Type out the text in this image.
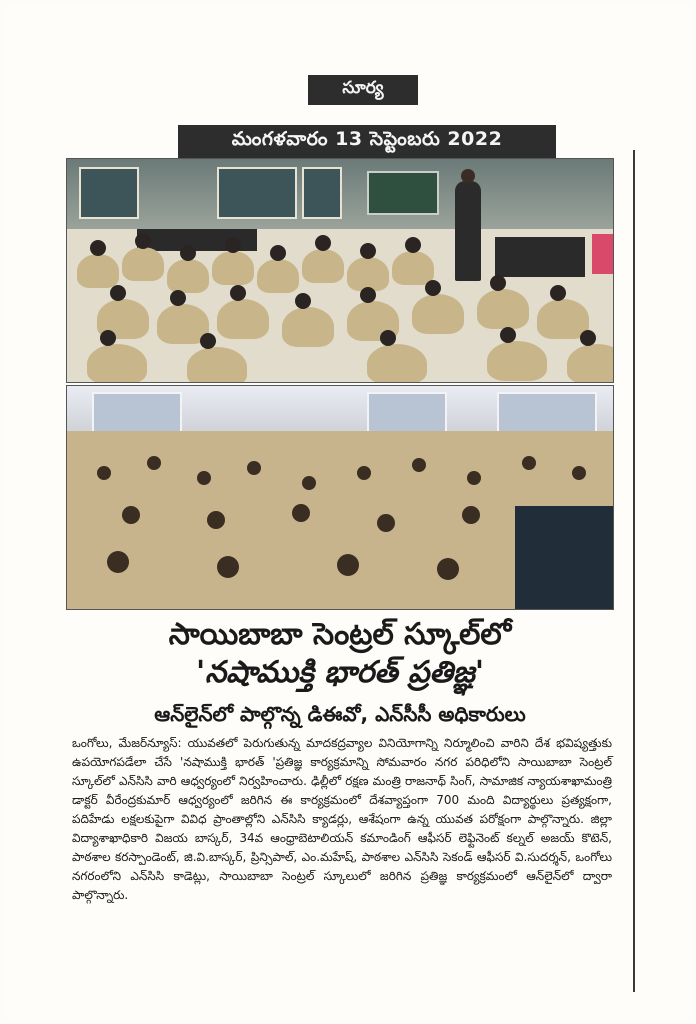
సూర్య
మంగళవారం 13 సెప్టెంబరు 2022
సాయిబాబా సెంట్రల్ స్కూల్‌లో
'నషాముక్తి భారత్ ప్రతిజ్ఞ'
ఆన్‌లైన్‌లో పాల్గొన్న డిఈవో, ఎన్‌సీసీ అధికారులు

ఒంగోలు, మేజర్‌న్యూస్: యువతలో పెరుగుతున్న మాదకద్రవ్యాల వినియోగాన్ని నిర్మూలించి వారిని దేశ భవిష్యత్తుకు ఉపయోగపడేలా చేసే 'నషాముక్తి భారత్ 'ప్రతిజ్ఞ కార్యక్రమాన్ని సోమవారం నగర పరిధిలోని సాయిబాబా సెంట్రల్ స్కూల్‌లో ఎన్‌సిసి వారి ఆధ్వర్యంలో నిర్వహించారు. ఢిల్లీలో రక్షణ మంత్రి రాజనాథ్ సింగ్, సామాజిక న్యాయశాఖామంత్రి డాక్టర్ వీరేంద్రకుమార్ ఆధ్వర్యంలో జరిగిన ఈ కార్యక్రమంలో దేశవ్యాప్తంగా 700 మంది విద్యార్థులు ప్రత్యక్షంగా, పదిహేడు లక్షలకుపైగా వివిధ ప్రాంతాల్లోని ఎన్‌సిసి క్యాడర్లు, ఆశేషంగా ఉన్న యువత పరోక్షంగా పాల్గొన్నారు. జిల్లా విద్యాశాఖాధికారి విజయ బాస్కర్, 34వ ఆంధ్రాబెటాలియన్ కమాండింగ్ ఆఫీసర్ లెఫ్టినెంట్ కల్నల్ అజయ్ కొటెన్, పాఠశాల కరస్పాండెంట్, జి.వి.బాస్కర్, ప్రిన్సిపాల్, ఎం.మహేష్, పాఠశాల ఎన్‌సిసి సెకండ్ ఆఫీసర్ వి.సుదర్శన్, ఒంగోలు నగరంలోని ఎన్‌సిసి కాడెట్లు, సాయిబాబా సెంట్రల్ స్కూలులో జరిగిన ప్రతిజ్ఞ కార్యక్రమంలో ఆన్‌లైన్‌లో ద్వారా పాల్గొన్నారు.
